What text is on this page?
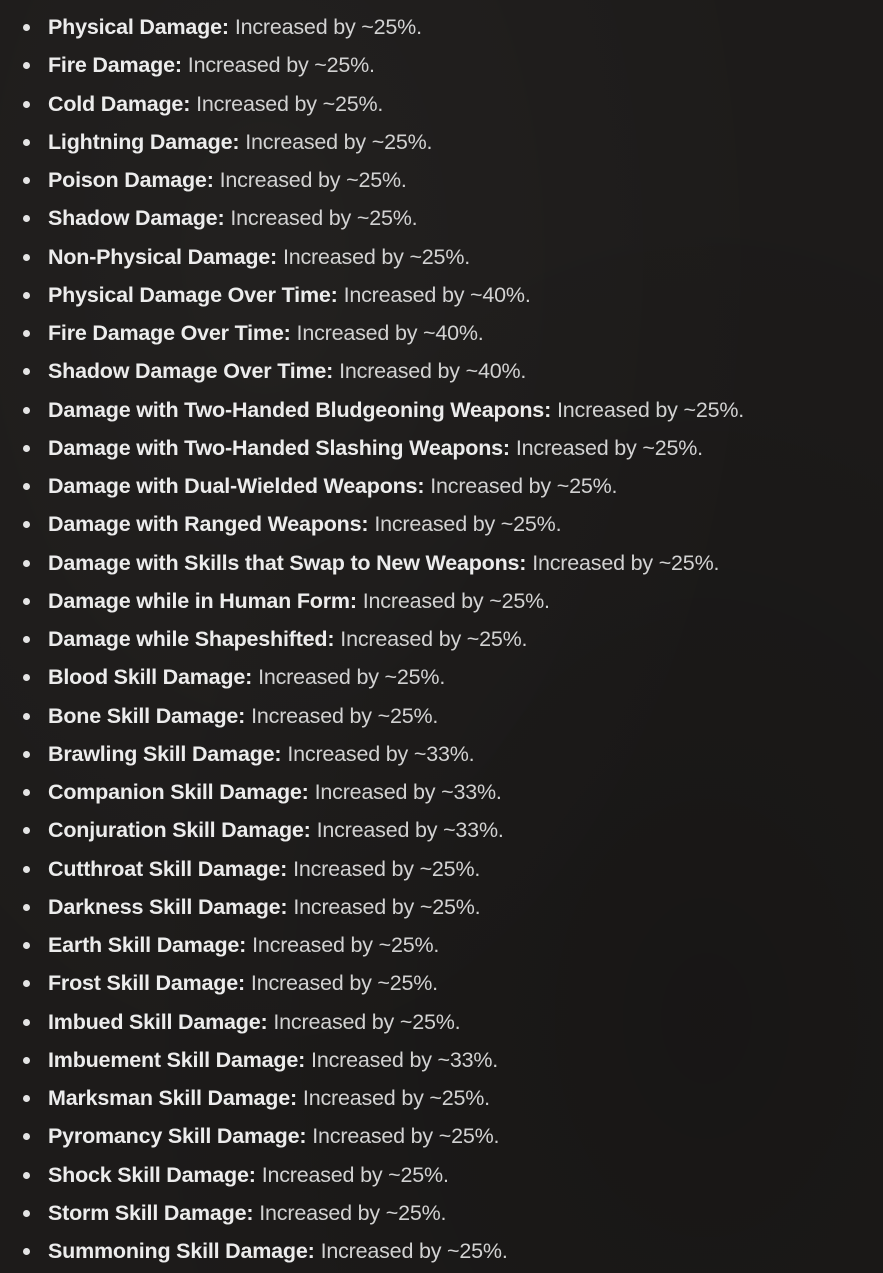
Physical Damage: Increased by ~25%.
Fire Damage: Increased by ~25%.
Cold Damage: Increased by ~25%.
Lightning Damage: Increased by ~25%.
Poison Damage: Increased by ~25%.
Shadow Damage: Increased by ~25%.
Non-Physical Damage: Increased by ~25%.
Physical Damage Over Time: Increased by ~40%.
Fire Damage Over Time: Increased by ~40%.
Shadow Damage Over Time: Increased by ~40%.
Damage with Two-Handed Bludgeoning Weapons: Increased by ~25%.
Damage with Two-Handed Slashing Weapons: Increased by ~25%.
Damage with Dual-Wielded Weapons: Increased by ~25%.
Damage with Ranged Weapons: Increased by ~25%.
Damage with Skills that Swap to New Weapons: Increased by ~25%.
Damage while in Human Form: Increased by ~25%.
Damage while Shapeshifted: Increased by ~25%.
Blood Skill Damage: Increased by ~25%.
Bone Skill Damage: Increased by ~25%.
Brawling Skill Damage: Increased by ~33%.
Companion Skill Damage: Increased by ~33%.
Conjuration Skill Damage: Increased by ~33%.
Cutthroat Skill Damage: Increased by ~25%.
Darkness Skill Damage: Increased by ~25%.
Earth Skill Damage: Increased by ~25%.
Frost Skill Damage: Increased by ~25%.
Imbued Skill Damage: Increased by ~25%.
Imbuement Skill Damage: Increased by ~33%.
Marksman Skill Damage: Increased by ~25%.
Pyromancy Skill Damage: Increased by ~25%.
Shock Skill Damage: Increased by ~25%.
Storm Skill Damage: Increased by ~25%.
Summoning Skill Damage: Increased by ~25%.
